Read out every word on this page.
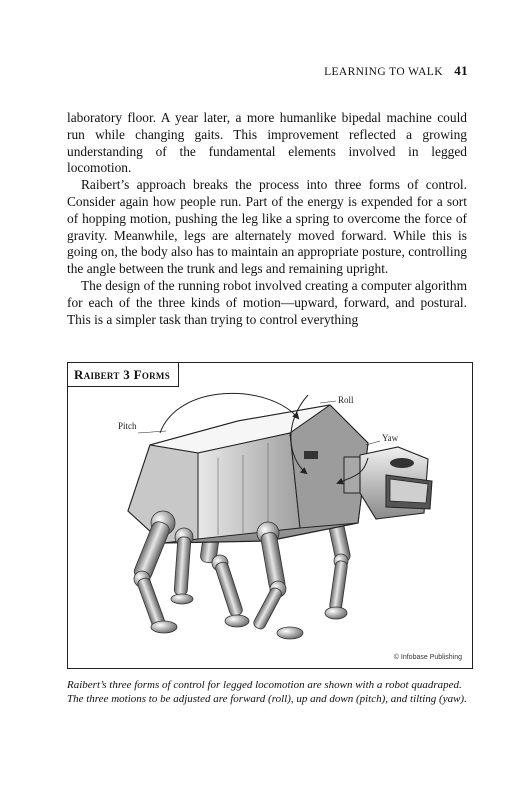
LEARNING TO WALK 41

laboratory floor. A year later, a more humanlike bipedal machine could run while changing gaits. This improvement reflected a growing understanding of the fundamental elements involved in legged locomotion.

Raibert’s approach breaks the process into three forms of control. Consider again how people run. Part of the energy is expended for a sort of hopping motion, pushing the leg like a spring to overcome the force of gravity. Meanwhile, legs are alternately moved forward. While this is going on, the body also has to maintain an appropriate posture, controlling the angle between the trunk and legs and remaining upright.

The design of the running robot involved creating a computer algorithm for each of the three kinds of motion—upward, forward, and postural. This is a simpler task than trying to control everything

Pitch
Roll
Yaw
Raibert 3 Forms
© Infobase Publishing
Raibert’s three forms of control for legged locomotion are shown with a robot quadraped. The three motions to be adjusted are forward (roll), up and down (pitch), and tilting (yaw).
